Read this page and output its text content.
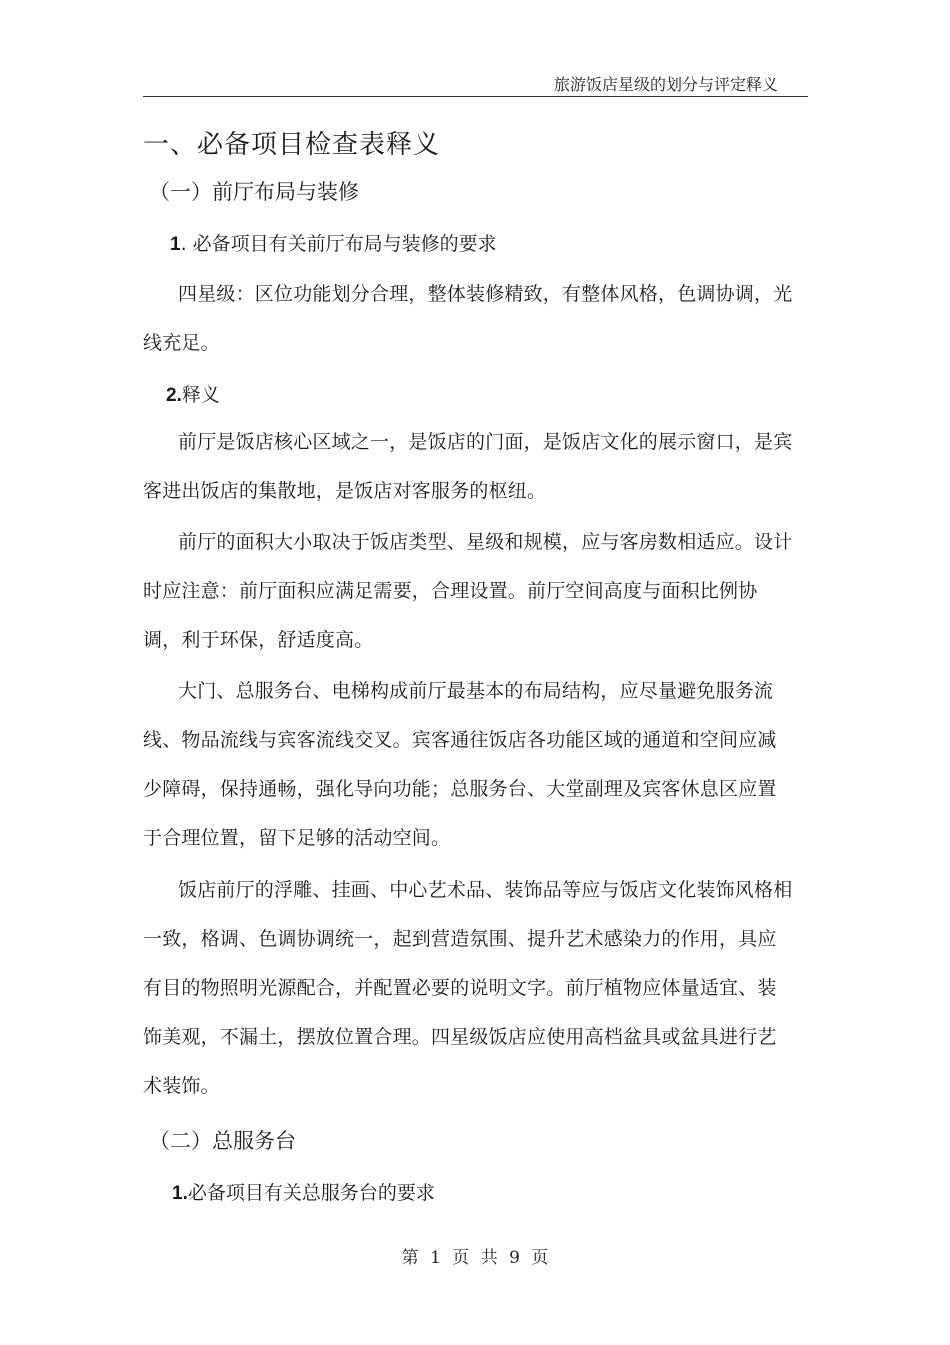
旅游饭店星级的划分与评定释义
一、必备项目检查表释义
（一）前厅布局与装修
1. 必备项目有关前厅布局与装修的要求
四星级：区位功能划分合理，整体装修精致，有整体风格，色调协调，光线充足。
2.释义
前厅是饭店核心区域之一，是饭店的门面，是饭店文化的展示窗口，是宾客进出饭店的集散地，是饭店对客服务的枢纽。
前厅的面积大小取决于饭店类型、星级和规模，应与客房数相适应。设计时应注意：前厅面积应满足需要，合理设置。前厅空间高度与面积比例协调，利于环保，舒适度高。
大门、总服务台、电梯构成前厅最基本的布局结构，应尽量避免服务流线、物品流线与宾客流线交叉。宾客通往饭店各功能区域的通道和空间应减少障碍，保持通畅，强化导向功能；总服务台、大堂副理及宾客休息区应置于合理位置，留下足够的活动空间。
饭店前厅的浮雕、挂画、中心艺术品、装饰品等应与饭店文化装饰风格相一致，格调、色调协调统一，起到营造氛围、提升艺术感染力的作用，具应有目的物照明光源配合，并配置必要的说明文字。前厅植物应体量适宜、装饰美观，不漏土，摆放位置合理。四星级饭店应使用高档盆具或盆具进行艺术装饰。
（二）总服务台
1.必备项目有关总服务台的要求
第 1 页 共 9 页
